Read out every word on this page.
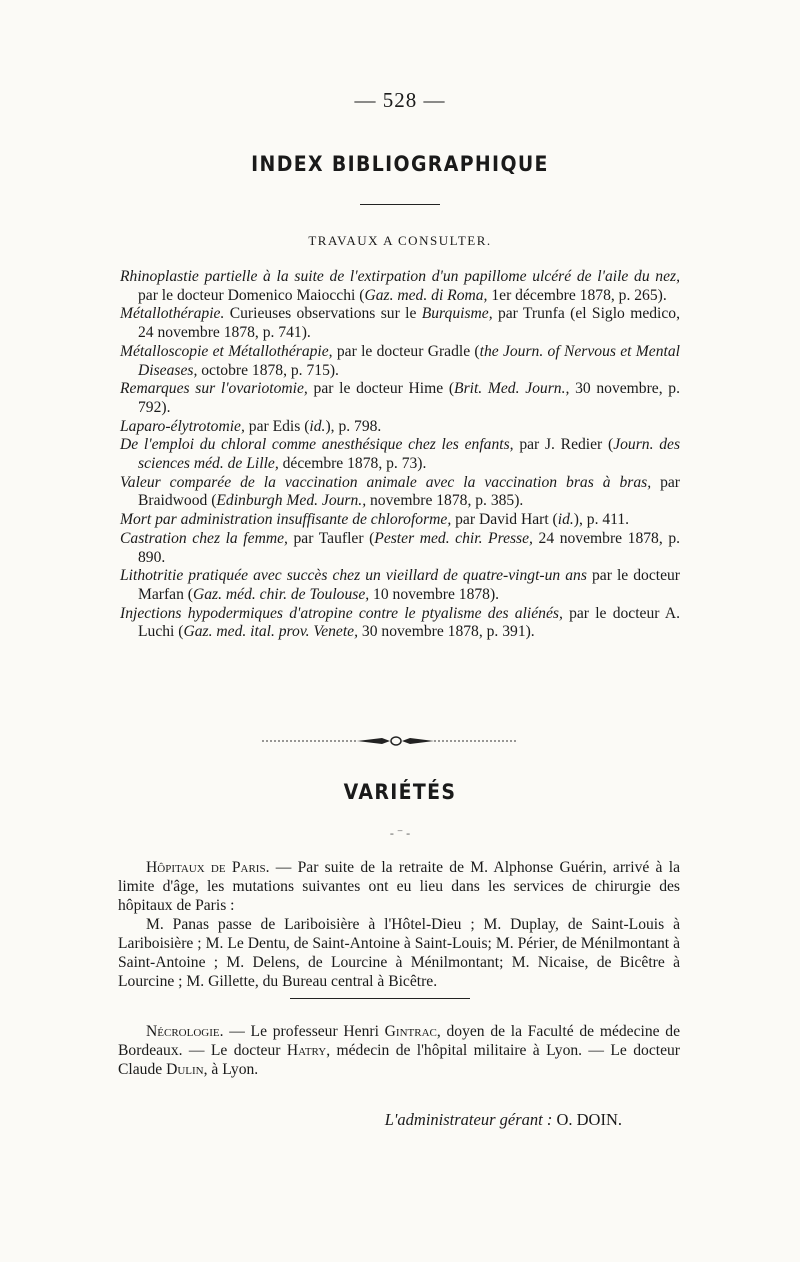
— 528 —
INDEX BIBLIOGRAPHIQUE
TRAVAUX A CONSULTER.
Rhinoplastie partielle à la suite de l'extirpation d'un papillome ulcéré de l'aile du nez, par le docteur Domenico Maiocchi (Gaz. med. di Roma, 1er décembre 1878, p. 265).
Métallothérapie. Curieuses observations sur le Burquisme, par Trunfa (el Siglo medico, 24 novembre 1878, p. 741).
Métalloscopie et Métallothérapie, par le docteur Gradle (the Journ. of Nervous et Mental Diseases, octobre 1878, p. 715).
Remarques sur l'ovariotomie, par le docteur Hime (Brit. Med. Journ., 30 novembre, p. 792).
Laparo-élytrotomie, par Edis (id.), p. 798.
De l'emploi du chloral comme anesthésique chez les enfants, par J. Redier (Journ. des sciences méd. de Lille, décembre 1878, p. 73).
Valeur comparée de la vaccination animale avec la vaccination bras à bras, par Braidwood (Edinburgh Med. Journ., novembre 1878, p. 385).
Mort par administration insuffisante de chloroforme, par David Hart (id.), p. 411.
Castration chez la femme, par Taufler (Pester med. chir. Presse, 24 novembre 1878, p. 890.
Lithotritie pratiquée avec succès chez un vieillard de quatre-vingt-un ans par le docteur Marfan (Gaz. méd. chir. de Toulouse, 10 novembre 1878).
Injections hypodermiques d'atropine contre le ptyalisme des aliénés, par le docteur A. Luchi (Gaz. med. ital. prov. Venete, 30 novembre 1878, p. 391).
VARIÉTÉS
- ⁻ -

Hôpitaux de Paris. — Par suite de la retraite de M. Alphonse Guérin, arrivé à la limite d'âge, les mutations suivantes ont eu lieu dans les services de chirurgie des hôpitaux de Paris :

M. Panas passe de Lariboisière à l'Hôtel-Dieu ; M. Duplay, de Saint-Louis à Lariboisière ; M. Le Dentu, de Saint-Antoine à Saint-Louis; M. Périer, de Ménilmontant à Saint-Antoine ; M. Delens, de Lourcine à Ménilmontant; M. Nicaise, de Bicêtre à Lourcine ; M. Gillette, du Bureau central à Bicêtre.

Nécrologie. — Le professeur Henri Gintrac, doyen de la Faculté de médecine de Bordeaux. — Le docteur Hatry, médecin de l'hôpital militaire à Lyon. — Le docteur Claude Dulin, à Lyon.

L'administrateur gérant : O. DOIN.
